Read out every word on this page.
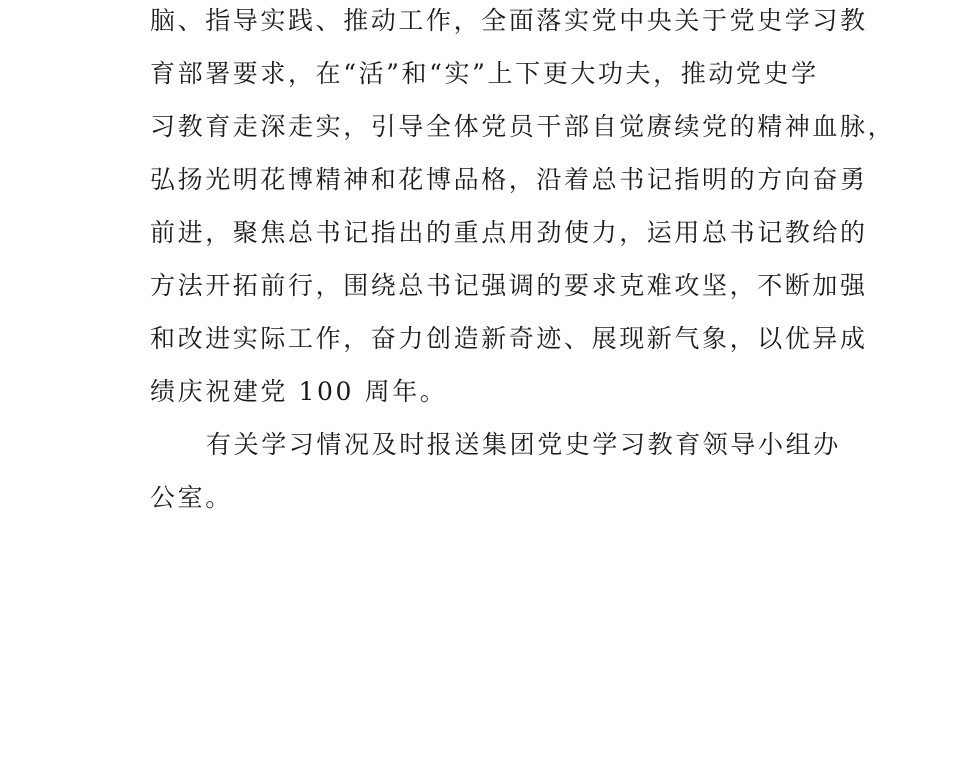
脑、指导实践、推动工作，全面落实党中央关于党史学习教
育部署要求，在“活”和“实”上下更大功夫，推动党史学
习教育走深走实，引导全体党员干部自觉赓续党的精神血脉，
弘扬光明花博精神和花博品格，沿着总书记指明的方向奋勇
前进，聚焦总书记指出的重点用劲使力，运用总书记教给的
方法开拓前行，围绕总书记强调的要求克难攻坚，不断加强
和改进实际工作，奋力创造新奇迹、展现新气象，以优异成
绩庆祝建党 100 周年。
有关学习情况及时报送集团党史学习教育领导小组办
公室。
